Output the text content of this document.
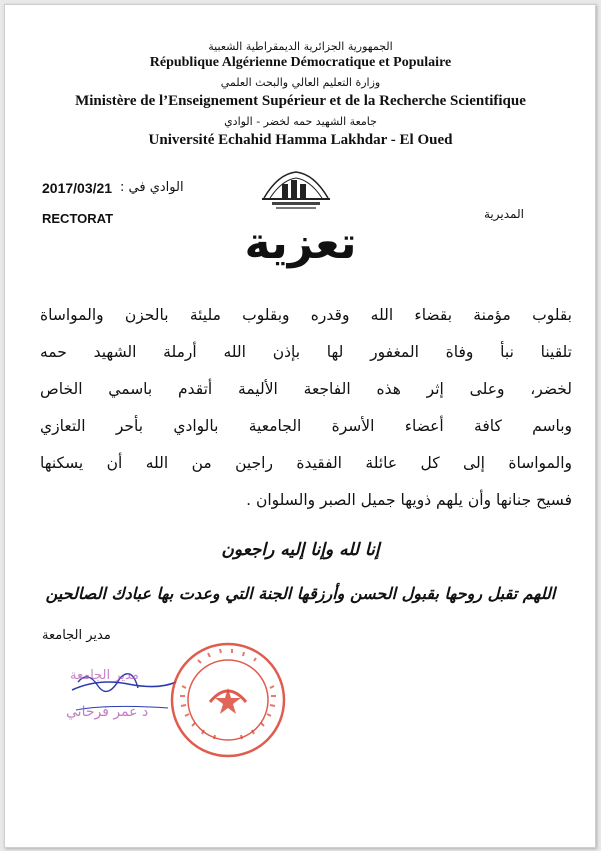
الجمهورية الجزائرية الديمقراطية الشعبية
République Algérienne Démocratique et Populaire
وزارة التعليم العالي والبحث العلمي
Ministère de l’Enseignement Supérieur et de la Recherche Scientifique
جامعة الشهيد حمه لخضر - الوادي
Université Echahid Hamma Lakhdar - El Oued
2017/03/21 الوادي في :
RECTORAT	المديرية
تعزية
بقلوب مؤمنة بقضاء الله وقدره وبقلوب مليئة بالحزن والمواساة
تلقينا نبأ وفاة المغفور لها بإذن الله أرملة الشهيد حمه
لخضر، وعلى إثر هذه الفاجعة الأليمة أتقدم باسمي الخاص
وباسم كافة أعضاء الأسرة الجامعية بالوادي بأحر التعازي
والمواساة إلى كل عائلة الفقيدة راجين من الله أن يسكنها
فسيح جنانها وأن يلهم ذويها جميل الصبر والسلوان .
إنا لله وإنا إليه راجعون
اللهم تقبل روحها بقبول الحسن وأرزقها الجنة التي وعدت بها عبادك الصالحين
مدير الجامعة
مدير الجامعة
د عمر فرحاتي
